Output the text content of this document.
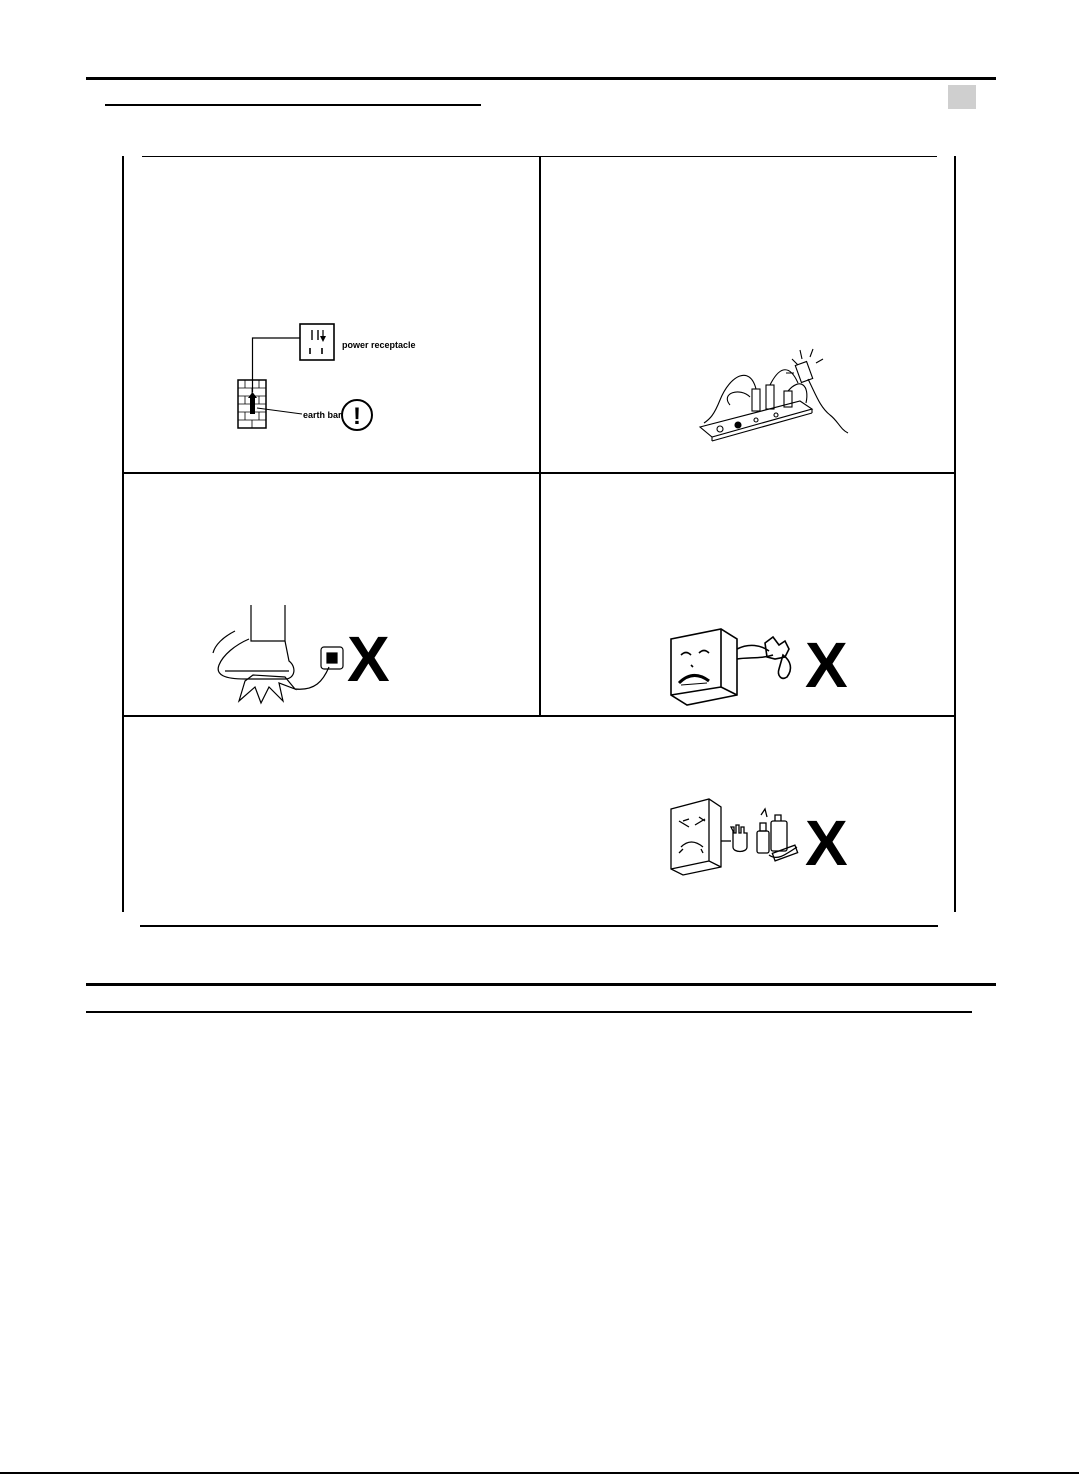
power receptacle
earth bar !
X	X
X
